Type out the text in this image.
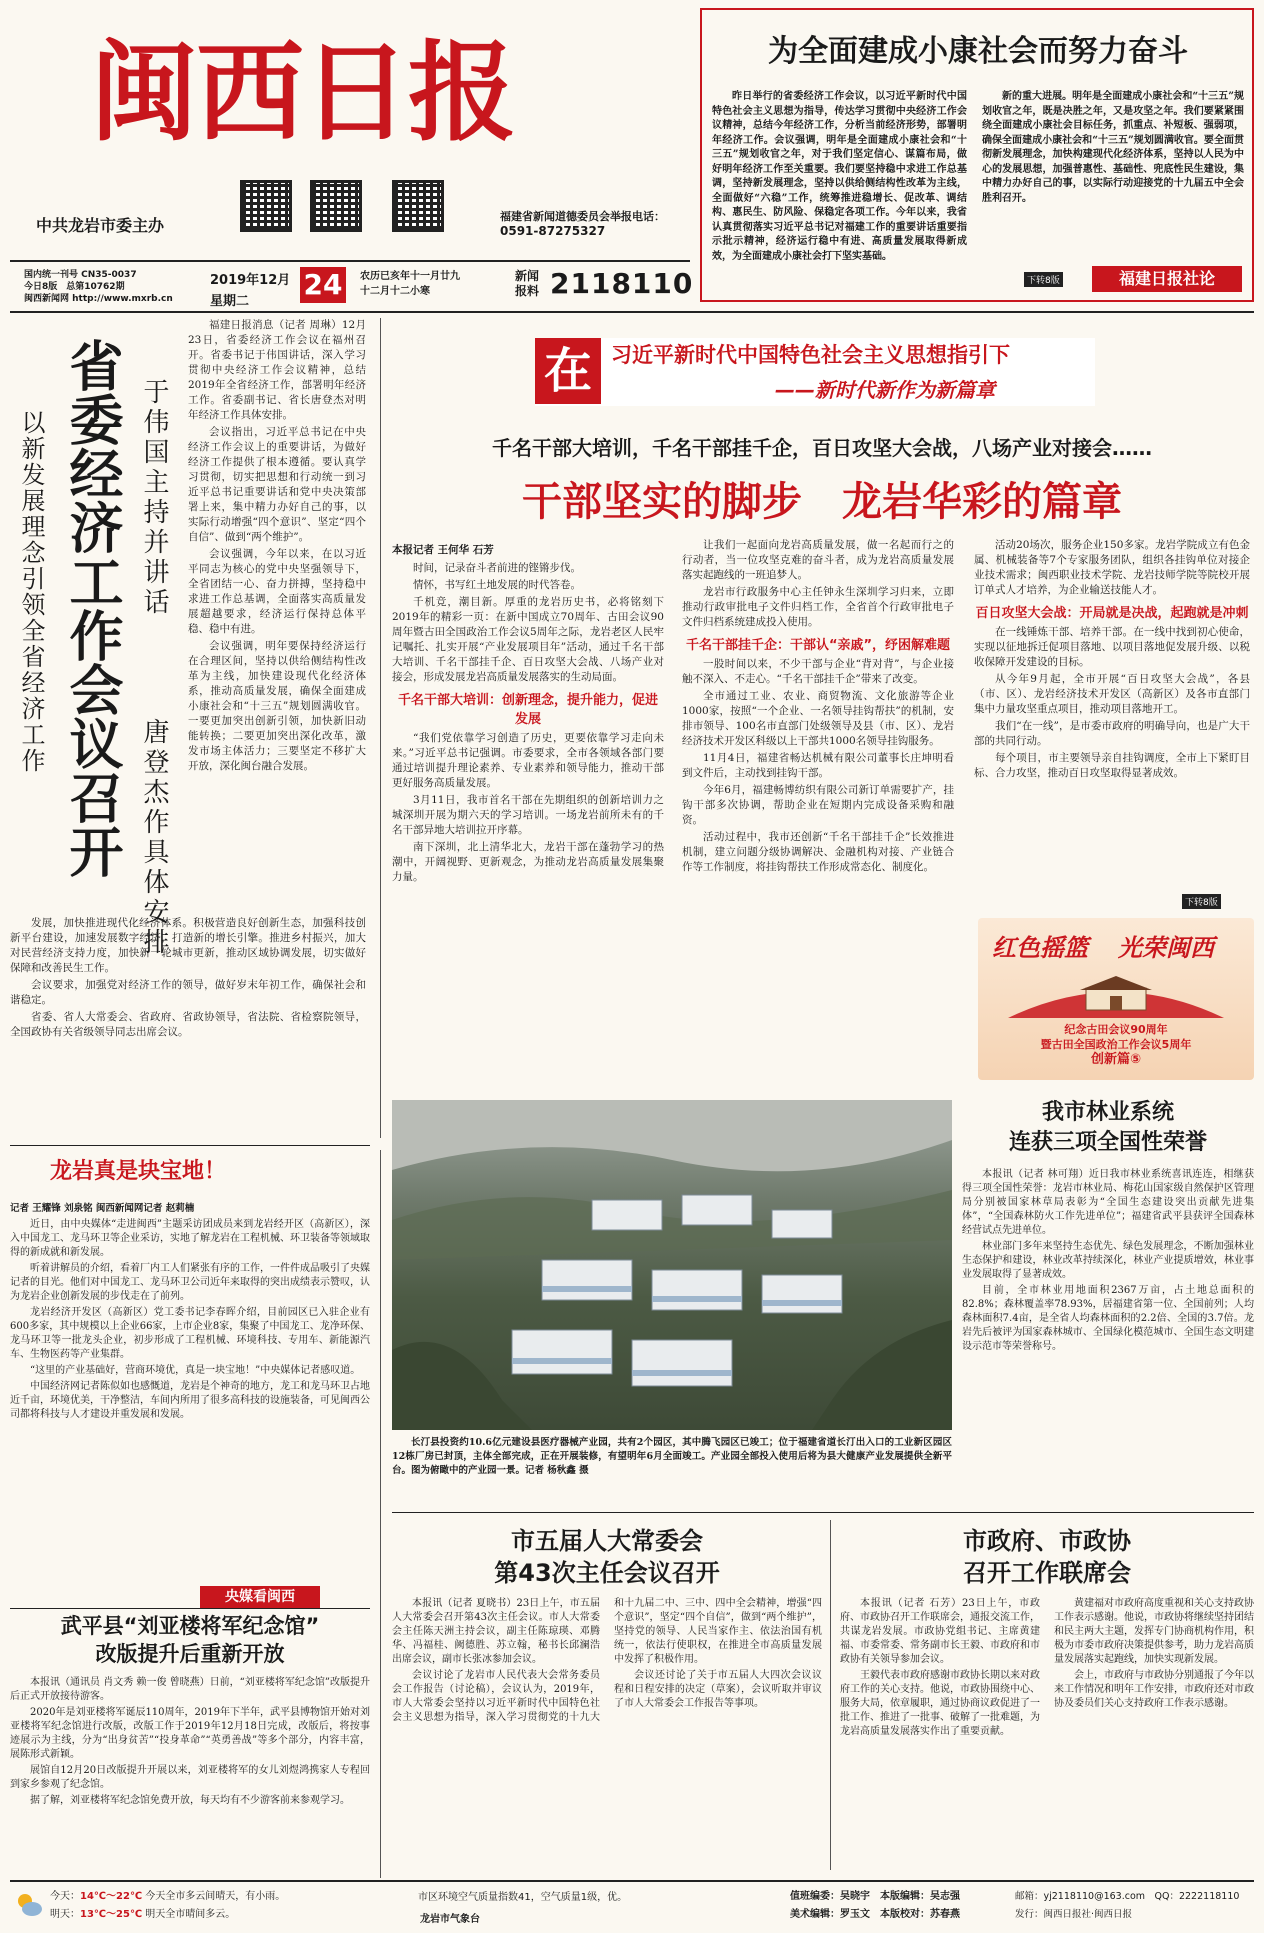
闽西日报
中共龙岩市委主办	福建省新闻道德委员会举报电话：
0591-87275327
国内统一刊号 CN35-0037
今日8版　总第10762期
闽西新闻网 http://www.mxrb.cn
2019年12月
星期二
24	农历已亥年十一月廿九
十二月十二小寒
新闻报料 2118110
为全面建成小康社会而努力奋斗
昨日举行的省委经济工作会议，以习近平新时代中国特色社会主义思想为指导，传达学习贯彻中央经济工作会议精神，总结今年经济工作，分析当前经济形势，部署明年经济工作。会议强调，明年是全面建成小康社会和“十三五”规划收官之年，对于我们坚定信心、谋篇布局，做好明年经济工作至关重要。我们要坚持稳中求进工作总基调，坚持新发展理念，坚持以供给侧结构性改革为主线，全面做好“六稳”工作，统筹推进稳增长、促改革、调结构、惠民生、防风险、保稳定各项工作。今年以来，我省认真贯彻落实习近平总书记对福建工作的重要讲话重要指示批示精神，经济运行稳中有进、高质量发展取得新成效，为全面建成小康社会打下坚实基础。
新的重大进展。明年是全面建成小康社会和“十三五”规划收官之年，既是决胜之年，又是攻坚之年。我们要紧紧围绕全面建成小康社会目标任务，抓重点、补短板、强弱项，确保全面建成小康社会和“十三五”规划圆满收官。要全面贯彻新发展理念，加快构建现代化经济体系，坚持以人民为中心的发展思想，加强普惠性、基础性、兜底性民生建设，集中精力办好自己的事，以实际行动迎接党的十九届五中全会胜利召开。
下转8版	福建日报社论
以新发展理念引领全省经济工作 省委经济工作会议召开 于伟国主持并讲话
唐登杰作具体安排

福建日报消息（记者 周琳）12月23日，省委经济工作会议在福州召开。省委书记于伟国讲话，深入学习贯彻中央经济工作会议精神，总结2019年全省经济工作，部署明年经济工作。省委副书记、省长唐登杰对明年经济工作具体安排。

会议指出，习近平总书记在中央经济工作会议上的重要讲话，为做好经济工作提供了根本遵循。要认真学习贯彻，切实把思想和行动统一到习近平总书记重要讲话和党中央决策部署上来，集中精力办好自己的事，以实际行动增强“四个意识”、坚定“四个自信”、做到“两个维护”。

会议强调，今年以来，在以习近平同志为核心的党中央坚强领导下，全省团结一心、奋力拼搏，坚持稳中求进工作总基调，全面落实高质量发展超越要求，经济运行保持总体平稳、稳中有进。

会议强调，明年要保持经济运行在合理区间，坚持以供给侧结构性改革为主线，加快建设现代化经济体系，推动高质量发展，确保全面建成小康社会和“十三五”规划圆满收官。一要更加突出创新引领，加快新旧动能转换；二要更加突出深化改革，激发市场主体活力；三要坚定不移扩大开放，深化闽台融合发展。

发展，加快推进现代化经济体系。积极营造良好创新生态，加强科技创新平台建设，加速发展数字经济，打造新的增长引擎。推进乡村振兴，加大对民营经济支持力度，加快新一轮城市更新，推动区域协调发展，切实做好保障和改善民生工作。

会议要求，加强党对经济工作的领导，做好岁末年初工作，确保社会和谐稳定。

省委、省人大常委会、省政府、省政协领导，省法院、省检察院领导，全国政协有关省级领导同志出席会议。

龙岩真是块宝地！
记者 王耀锋 刘泉铭 闽西新闻网记者 赵莉楠

近日，由中央媒体“走进闽西”主题采访团成员来到龙岩经开区（高新区），深入中国龙工、龙马环卫等企业采访，实地了解龙岩在工程机械、环卫装备等领域取得的新成就和新发展。

听着讲解员的介绍，看着厂内工人们紧张有序的工作，一件件成品吸引了央媒记者的目光。他们对中国龙工、龙马环卫公司近年来取得的突出成绩表示赞叹，认为龙岩企业创新发展的步伐走在了前列。

龙岩经济开发区（高新区）党工委书记李春晖介绍，目前园区已入驻企业有600多家，其中规模以上企业66家，上市企业8家，集聚了中国龙工、龙净环保、龙马环卫等一批龙头企业，初步形成了工程机械、环境科技、专用车、新能源汽车、生物医药等产业集群。

“这里的产业基础好，营商环境优，真是一块宝地！”中央媒体记者感叹道。

中国经济网记者陈似如也感慨道，龙岩是个神奇的地方，龙工和龙马环卫占地近千亩，环境优美，干净整洁，车间内所用了很多高科技的设施装备，可见闽西公司都将科技与人才建设并重发展和发展。

央媒看闽西
武平县“刘亚楼将军纪念馆”
改版提升后重新开放

本报讯（通讯员 肖文秀 赖一俊 曾晓燕）日前，“刘亚楼将军纪念馆”改版提升后正式开放接待游客。

2020年是刘亚楼将军诞辰110周年，2019年下半年，武平县博物馆开始对刘亚楼将军纪念馆进行改版，改版工作于2019年12月18日完成，改版后，将按事迹展示为主线，分为“出身贫苦”“投身革命”“英勇善战”等多个部分，内容丰富，展陈形式新颖。

展馆自12月20日改版提升开展以来，刘亚楼将军的女儿刘煜鸿携家人专程回到家乡参观了纪念馆。

据了解，刘亚楼将军纪念馆免费开放，每天均有不少游客前来参观学习。

在 习近平新时代中国特色社会主义思想指引下
——新时代新作为新篇章
千名干部大培训，千名干部挂千企，百日攻坚大会战，八场产业对接会……
干部坚实的脚步　龙岩华彩的篇章
本报记者 王何华 石芳

时间，记录奋斗者前进的铿锵步伐。

情怀，书写红土地发展的时代答卷。

千机竞，潮目新。厚重的龙岩历史书，必将铭刻下2019年的精彩一页：在新中国成立70周年、古田会议90周年暨古田全国政治工作会议5周年之际，龙岩老区人民牢记嘱托、扎实开展“产业发展项目年”活动，通过千名干部大培训、千名干部挂千企、百日攻坚大会战、八场产业对接会，形成发展龙岩高质量发展落实的生动局面。

千名干部大培训：创新理念，提升能力，促进发展

“我们党依靠学习创造了历史，更要依靠学习走向未来。”习近平总书记强调。市委要求，全市各领域各部门要通过培训提升理论素养、专业素养和领导能力，推动干部更好服务高质量发展。

3月11日，我市首名干部在先期组织的创新培训力之城深圳开展为期六天的学习培训。一场龙岩前所未有的千名干部异地大培训拉开序幕。

南下深圳，北上清华北大，龙岩干部在蓬勃学习的热潮中，开阔视野、更新观念，为推动龙岩高质量发展集聚力量。

让我们一起面向龙岩高质量发展，做一名起而行之的行动者，当一位攻坚克难的奋斗者，成为龙岩高质量发展落实起跑线的一班追梦人。

龙岩市行政服务中心主任钟永生深圳学习归来，立即推动行政审批电子文件归档工作，全省首个行政审批电子文件归档系统建成投入使用。

千名干部挂千企：干部认“亲戚”，纾困解难题

一股时间以来，不少干部与企业“背对背”，与企业接触不深入、不走心。“千名干部挂千企”带来了改变。

全市通过工业、农业、商贸物流、文化旅游等企业1000家，按照“一个企业、一名领导挂钩帮扶”的机制，安排市领导、100名市直部门处级领导及县（市、区）、龙岩经济技术开发区科级以上干部共1000名领导挂钩服务。

11月4日，福建省畅达机械有限公司董事长庄坤明看到文件后，主动找到挂钩干部。

今年6月，福建畅博纺织有限公司新订单需要扩产，挂钩干部多次协调，帮助企业在短期内完成设备采购和融资。

活动过程中，我市还创新“千名干部挂千企”长效推进机制，建立问题分级协调解决、金融机构对接、产业链合作等工作制度，将挂钩帮扶工作形成常态化、制度化。

活动20场次，服务企业150多家。龙岩学院成立有色金属、机械装备等7个专家服务团队，组织各挂钩单位对接企业技术需求；闽西职业技术学院、龙岩技师学院等院校开展订单式人才培养，为企业输送技能人才。

百日攻坚大会战：开局就是决战，起跑就是冲刺

在一线锤炼干部、培养干部。在一线中找到初心使命，实现以征地拆迁促项目落地、以项目落地促发展升级、以税收保障开发建设的目标。

从今年9月起，全市开展“百日攻坚大会战”，各县（市、区）、龙岩经济技术开发区（高新区）及各市直部门集中力量攻坚重点项目，推动项目落地开工。

我们“在一线”，是市委市政府的明确导向，也是广大干部的共同行动。

每个项目，市主要领导亲自挂钩调度，全市上下紧盯目标、合力攻坚，推动百日攻坚取得显著成效。

下转8版
红色摇篮 光荣闽西
纪念古田会议90周年
暨古田全国政治工作会议5周年
创新篇⑤
长汀县投资约10.6亿元建设县医疗器械产业园，共有2个园区，其中腾飞园区已竣工；位于福建省道长汀出入口的工业新区园区12栋厂房已封顶，主体全部完成，正在开展装修，有望明年6月全面竣工。产业园全部投入使用后将为县大健康产业发展提供全新平台。图为俯瞰中的产业园一景。记者 杨秋鑫 摄
我市林业系统
连获三项全国性荣誉

本报讯（记者 林可翔）近日我市林业系统喜讯连连，相继获得三项全国性荣誉：龙岩市林业局、梅花山国家级自然保护区管理局分别被国家林草局表彰为“全国生态建设突出贡献先进集体”，“全国森林防火工作先进单位”；福建省武平县获评全国森林经营试点先进单位。

林业部门多年来坚持生态优先、绿色发展理念，不断加强林业生态保护和建设，林业改革持续深化，林业产业提质增效，林业事业发展取得了显著成效。

目前，全市林业用地面积2367万亩，占土地总面积的82.8%；森林覆盖率78.93%，居福建省第一位、全国前列；人均森林面积7.4亩，是全省人均森林面积的2.2倍、全国的3.7倍。龙岩先后被评为国家森林城市、全国绿化模范城市、全国生态文明建设示范市等荣誉称号。

市五届人大常委会
第43次主任会议召开

本报讯（记者 夏晓书）23日上午，市五届人大常委会召开第43次主任会议。市人大常委会主任陈天洲主持会议，副主任陈琼瑛、邓腾华、冯福桂、阙德胜、苏立翰，秘书长邱澜浩出席会议，副市长张冰参加会议。

会议讨论了龙岩市人民代表大会常务委员会工作报告（讨论稿），会议认为，2019年，市人大常委会坚持以习近平新时代中国特色社会主义思想为指导，深入学习贯彻党的十九大和十九届二中、三中、四中全会精神，增强“四个意识”，坚定“四个自信”，做到“两个维护”，坚持党的领导、人民当家作主、依法治国有机统一，依法行使职权，在推进全市高质量发展中发挥了积极作用。

会议还讨论了关于市五届人大四次会议议程和日程安排的决定（草案），会议听取并审议了市人大常委会工作报告等事项。

市政府、市政协
召开工作联席会

本报讯（记者 石芳）23日上午，市政府、市政协召开工作联席会，通报交流工作，共谋龙岩发展。市政协党组书记、主席黄建福、市委常委、常务副市长王毅、市政府和市政协有关领导参加会议。

王毅代表市政府感谢市政协长期以来对政府工作的关心支持。他说，市政协围绕中心、服务大局，依章履职，通过协商议政促进了一批工作、推进了一批事、破解了一批难题，为龙岩高质量发展落实作出了重要贡献。

黄建福对市政府高度重视和关心支持政协工作表示感谢。他说，市政协将继续坚持团结和民主两大主题，发挥专门协商机构作用，积极为市委市政府决策提供参考，助力龙岩高质量发展落实起跑线，加快实现新发展。

会上，市政府与市政协分别通报了今年以来工作情况和明年工作安排，市政府还对市政协及委员们关心支持政府工作表示感谢。

今天：14℃～22℃ 今天全市多云间晴天，有小雨。
明天：13℃～25℃ 明天全市晴间多云。
市区环境空气质量指数41，空气质量1级，优。
龙岩市气象台
值班编委：吴晓宇　本版编辑：吴志强
美术编辑：罗玉文　本版校对：苏春燕
邮箱：yj2118110@163.com　QQ：2222118110
发行：闽西日报社·闽西日报
